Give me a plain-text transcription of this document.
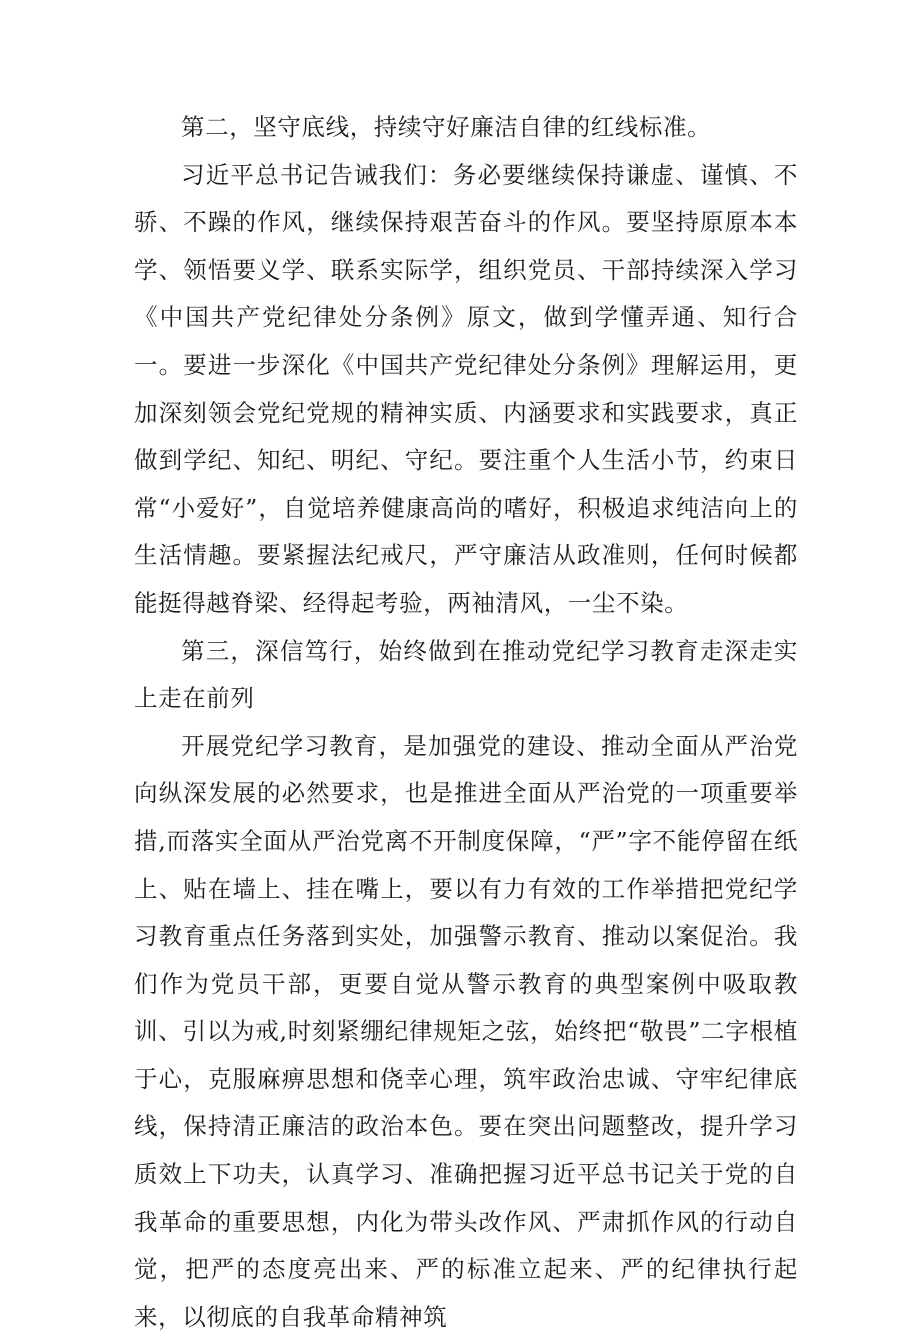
第二，坚守底线，持续守好廉洁自律的红线标准。

习近平总书记告诫我们：务必要继续保持谦虚、谨慎、不骄、不躁的作风，继续保持艰苦奋斗的作风。要坚持原原本本学、领悟要义学、联系实际学，组织党员、干部持续深入学习《中国共产党纪律处分条例》原文，做到学懂弄通、知行合一。要进一步深化《中国共产党纪律处分条例》理解运用，更加深刻领会党纪党规的精神实质、内涵要求和实践要求，真正做到学纪、知纪、明纪、守纪。要注重个人生活小节，约束日常“小爱好”，自觉培养健康高尚的嗜好，积极追求纯洁向上的生活情趣。要紧握法纪戒尺，严守廉洁从政准则，任何时候都能挺得越脊梁、经得起考验，两袖清风，一尘不染。

第三，深信笃行，始终做到在推动党纪学习教育走深走实上走在前列

开展党纪学习教育，是加强党的建设、推动全面从严治党向纵深发展的必然要求，也是推进全面从严治党的一项重要举措,而落实全面从严治党离不开制度保障，“严”字不能停留在纸上、贴在墙上、挂在嘴上，要以有力有效的工作举措把党纪学习教育重点任务落到实处，加强警示教育、推动以案促治。我们作为党员干部，更要自觉从警示教育的典型案例中吸取教训、引以为戒,时刻紧绷纪律规矩之弦，始终把“敬畏”二字根植于心，克服麻痹思想和侥幸心理，筑牢政治忠诚、守牢纪律底线，保持清正廉洁的政治本色。要在突出问题整改，提升学习质效上下功夫，认真学习、准确把握习近平总书记关于党的自我革命的重要思想，内化为带头改作风、严肃抓作风的行动自觉，把严的态度亮出来、严的标准立起来、严的纪律执行起来，以彻底的自我革命精神筑
